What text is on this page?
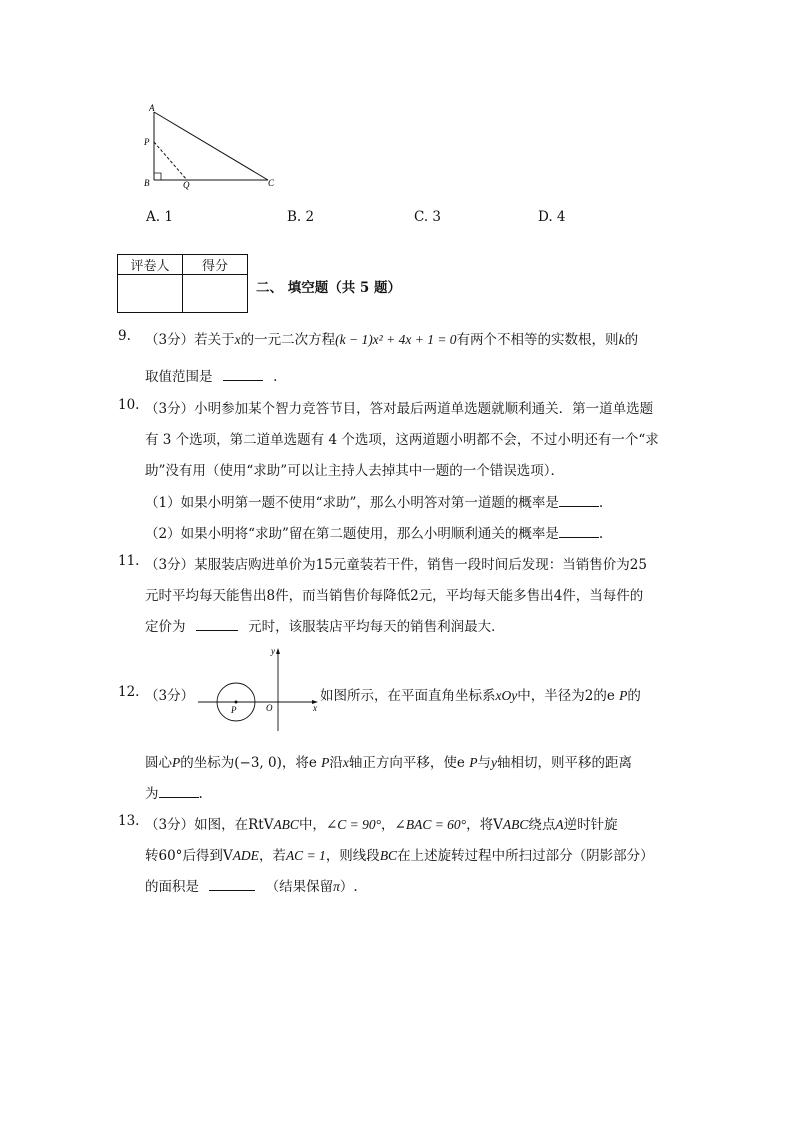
A
P
B	Q	C
A. 1	B. 2	C. 3	D. 4
评卷人	得分

二、 填空题（共 5 题）
9. （3分）若关于x的一元二次方程(k − 1)x² + 4x + 1 = 0有两个不相等的实数根，则k的
取值范围是	.
10. （3分）小明参加某个智力竞答节目，答对最后两道单选题就顺利通关．第一道单选题
有 3 个选项，第二道单选题有 4 个选项，这两道题小明都不会，不过小明还有一个“求
助”没有用（使用“求助”可以让主持人去掉其中一题的一个错误选项）．
（1）如果小明第一题不使用“求助”，那么小明答对第一道题的概率是	.
（2）如果小明将“求助”留在第二题使用，那么小明顺利通关的概率是	.
11. （3分）某服装店购进单价为15元童装若干件，销售一段时间后发现：当销售价为25
元时平均每天能售出8件，而当销售价每降低2元，平均每天能多售出4件，当每件的
定价为	元时，该服装店平均每天的销售利润最大．
12. （3分）
y
x
O
P
如图所示，在平面直角坐标系xOy中，半径为2的e P的
圆心P的坐标为(−3, 0)，将e P沿x轴正方向平移，使e P与y轴相切，则平移的距离
为	.
13. （3分）如图，在RtVABC中，∠C = 90°，∠BAC = 60°，将VABC绕点A逆时针旋
转60°后得到VADE，若AC = 1，则线段BC在上述旋转过程中所扫过部分（阴影部分）
的面积是	（结果保留π）.
